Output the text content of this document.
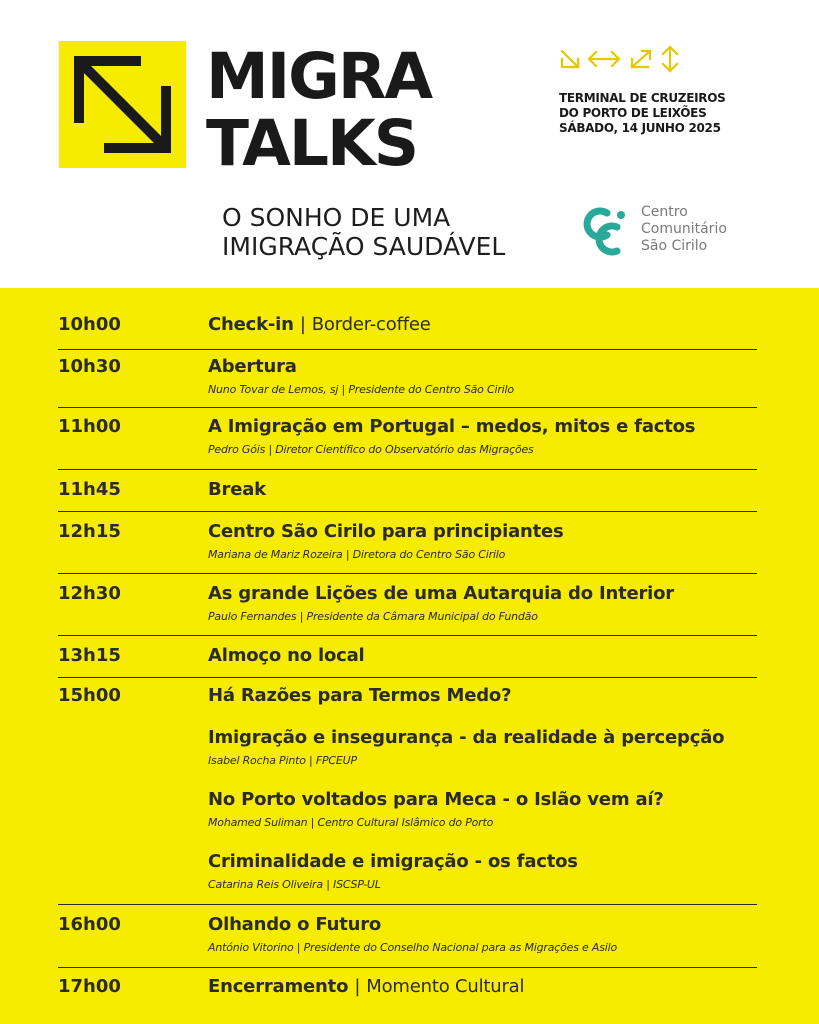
MIGRA
TALKS
O SONHO DE UMA
IMIGRAÇÃO SAUDÁVEL
TERMINAL DE CRUZEIROS
DO PORTO DE LEIXÕES
SÁBADO, 14 JUNHO 2025
Centro
Comunitário
São Cirilo
10h00	Check-in | Border-coffee
10h30	Abertura
Nuno Tovar de Lemos, sj | Presidente do Centro São Cirilo
11h00	A Imigração em Portugal – medos, mitos e factos
Pedro Góis | Diretor Científico do Observatório das Migrações
11h45	Break
12h15	Centro São Cirilo para principiantes
Mariana de Mariz Rozeira | Diretora do Centro São Cirilo
12h30	As grande Lições de uma Autarquia do Interior
Paulo Fernandes | Presidente da Câmara Municipal do Fundão
13h15	Almoço no local
15h00	Há Razões para Termos Medo?
Imigração e insegurança - da realidade à percepção
Isabel Rocha Pinto | FPCEUP
No Porto voltados para Meca - o Islão vem aí?
Mohamed Suliman | Centro Cultural Islâmico do Porto
Criminalidade e imigração - os factos
Catarina Reis Oliveira | ISCSP-UL
16h00	Olhando o Futuro
António Vitorino | Presidente do Conselho Nacional para as Migrações e Asilo
17h00	Encerramento | Momento Cultural
